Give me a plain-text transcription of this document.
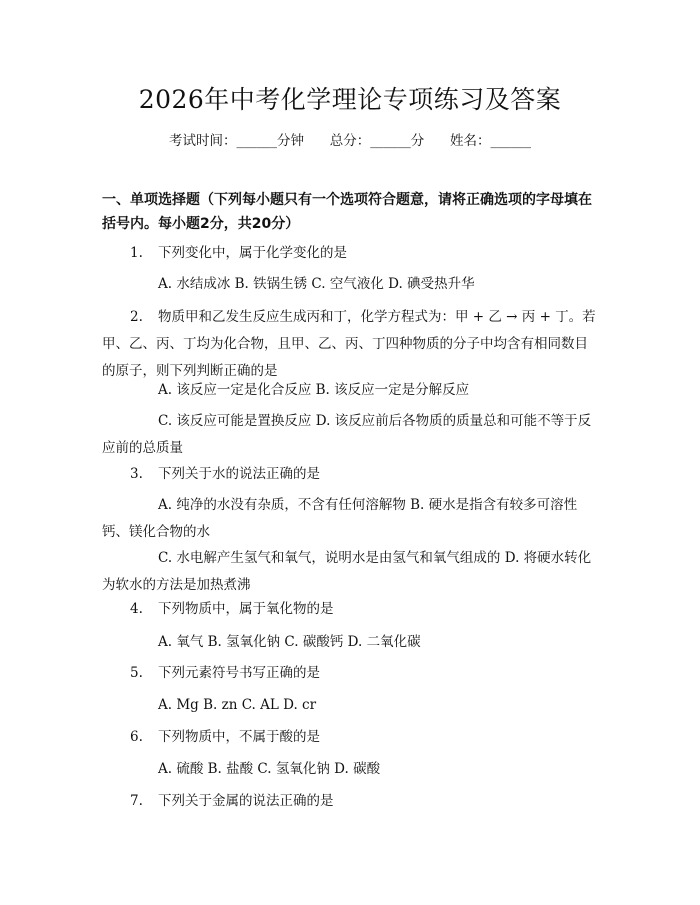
2026年中考化学理论专项练习及答案
考试时间：______分钟 总分：______分 姓名：______
一、单项选择题（下列每小题只有一个选项符合题意，请将正确选项的字母填在括号内。每小题2分，共20分）
1. 下列变化中，属于化学变化的是
A. 水结成冰 B. 铁锅生锈 C. 空气液化 D. 碘受热升华
2. 物质甲和乙发生反应生成丙和丁，化学方程式为：甲 + 乙 → 丙 + 丁。若甲、乙、丙、丁均为化合物，且甲、乙、丙、丁四种物质的分子中均含有相同数目的原子，则下列判断正确的是
A. 该反应一定是化合反应 B. 该反应一定是分解反应
C. 该反应可能是置换反应 D. 该反应前后各物质的质量总和可能不等于反应前的总质量
3. 下列关于水的说法正确的是
A. 纯净的水没有杂质，不含有任何溶解物 B. 硬水是指含有较多可溶性钙、镁化合物的水
C. 水电解产生氢气和氧气，说明水是由氢气和氧气组成的 D. 将硬水转化为软水的方法是加热煮沸
4. 下列物质中，属于氧化物的是
A. 氧气 B. 氢氧化钠 C. 碳酸钙 D. 二氧化碳
5. 下列元素符号书写正确的是
A. Mg B. zn C. AL D. cr
6. 下列物质中，不属于酸的是
A. 硫酸 B. 盐酸 C. 氢氧化钠 D. 碳酸
7. 下列关于金属的说法正确的是
